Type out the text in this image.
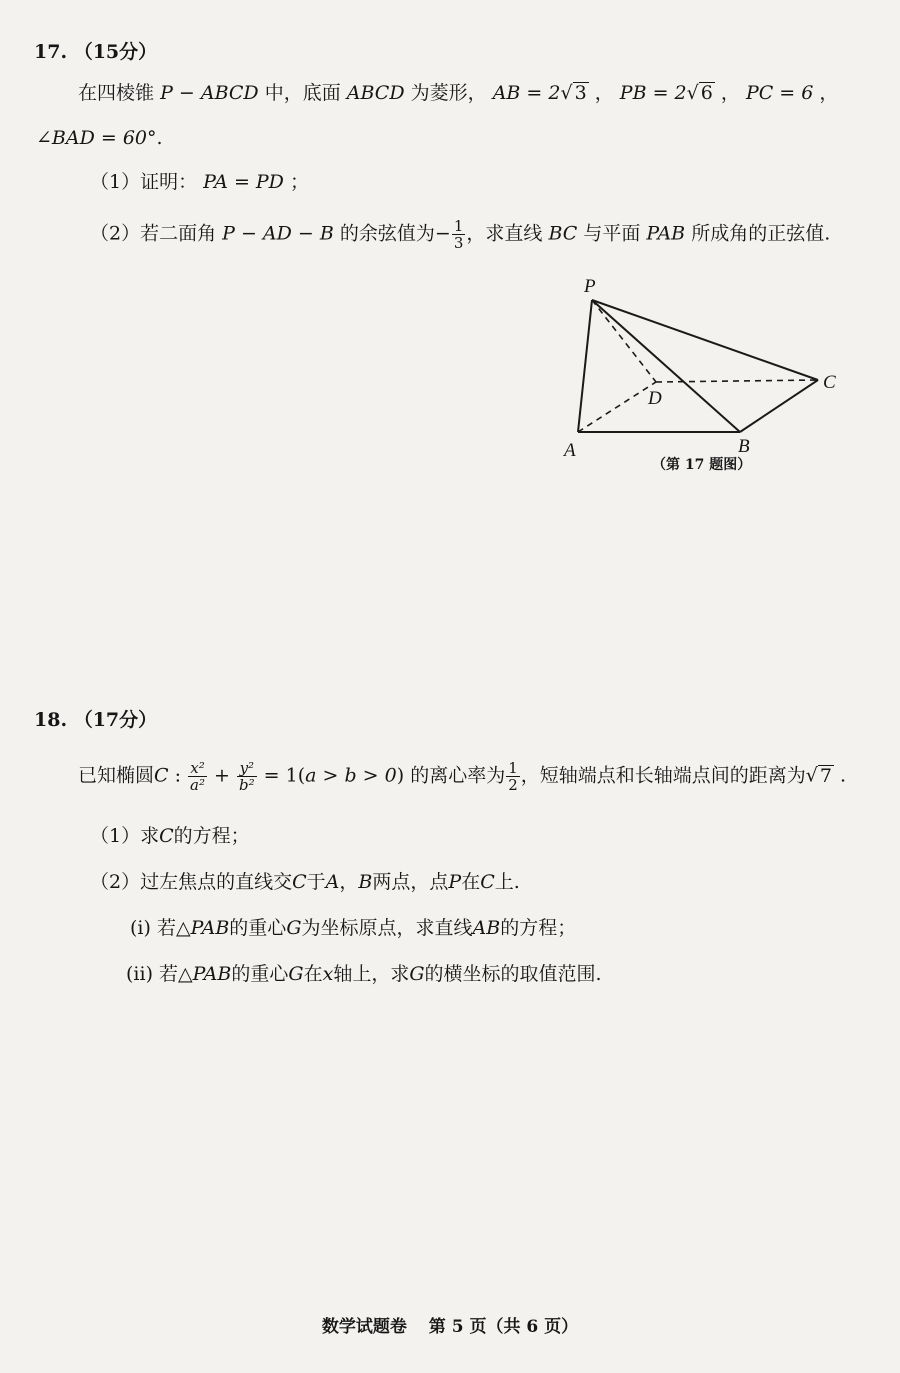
17. （15分）
在四棱锥 P − ABCD 中，底面 ABCD 为菱形， AB = 2√ 3 ， PB = 2√ 6 ， PC = 6 ，
∠BAD = 60°.
（1）证明： PA = PD ；
（2）若二面角 P − AD − B 的余弦值为− $\frac{1}{3}$ ，求直线 BC 与平面 PAB 所成角的正弦值.
P
D
C
A	B
（第 17 题图）
18. （17分）
已知椭圆C : $\frac{\text{x²}}{\text{a²}} + \frac{\text{y²}}{\text{b²}} = 1(a > b > 0)$ 的离心率为 $\frac{1}{2}$ ，短轴端点和长轴端点间的距离为√ 7 .
（1）求C的方程；
（2）过左焦点的直线交C于A，B两点，点P在C上.
(i) 若△PAB的重心G为坐标原点，求直线AB的方程；
(ii) 若△PAB的重心G在x轴上，求G的横坐标的取值范围.
数学试题卷 第 5 页（共 6 页）
